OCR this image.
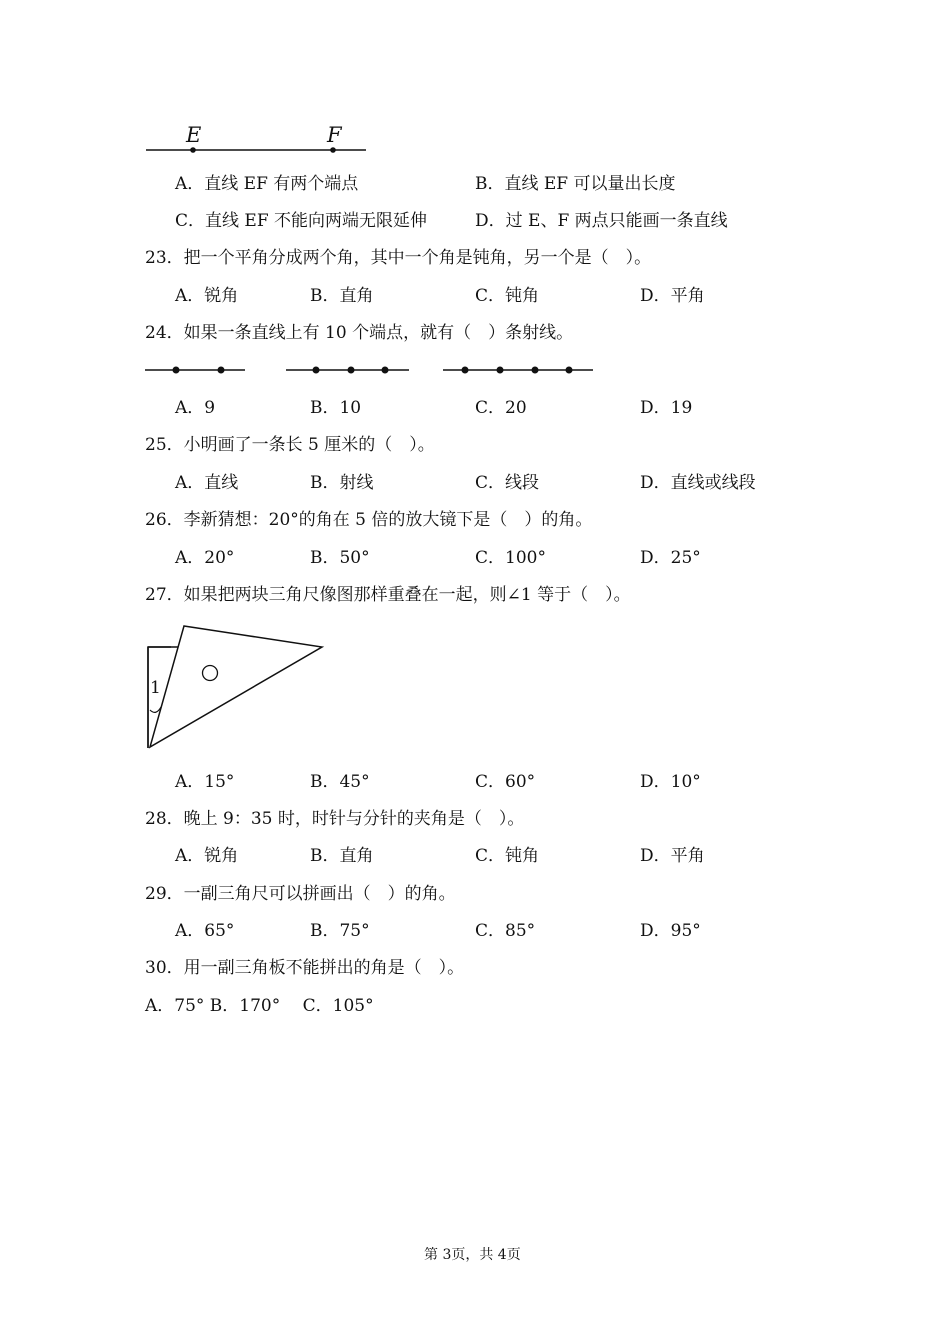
E	F
A．直线 EF 有两个端点	B．直线 EF 可以量出长度
C．直线 EF 不能向两端无限延伸	D．过 E、F 两点只能画一条直线
23．把一个平角分成两个角，其中一个角是钝角，另一个是（　）。
A．锐角	B．直角	C．钝角	D．平角
24．如果一条直线上有 10 个端点，就有（　）条射线。
A．9	B．10	C．20	D．19
25．小明画了一条长 5 厘米的（　）。
A．直线	B．射线	C．线段	D．直线或线段
26．李新猜想：20°的角在 5 倍的放大镜下是（　）的角。
A．20°	B．50°	C．100°	D．25°
27．如果把两块三角尺像图那样重叠在一起，则∠1 等于（　）。
1
A．15°	B．45°	C．60°	D．10°
28．晚上 9：35 时，时针与分针的夹角是（　）。
A．锐角	B．直角	C．钝角	D．平角
29．一副三角尺可以拼画出（　）的角。
A．65°	B．75°	C．85°	D．95°
30．用一副三角板不能拼出的角是（　）。
A．75° B．170°　 C．105°
第 3页，共 4页
